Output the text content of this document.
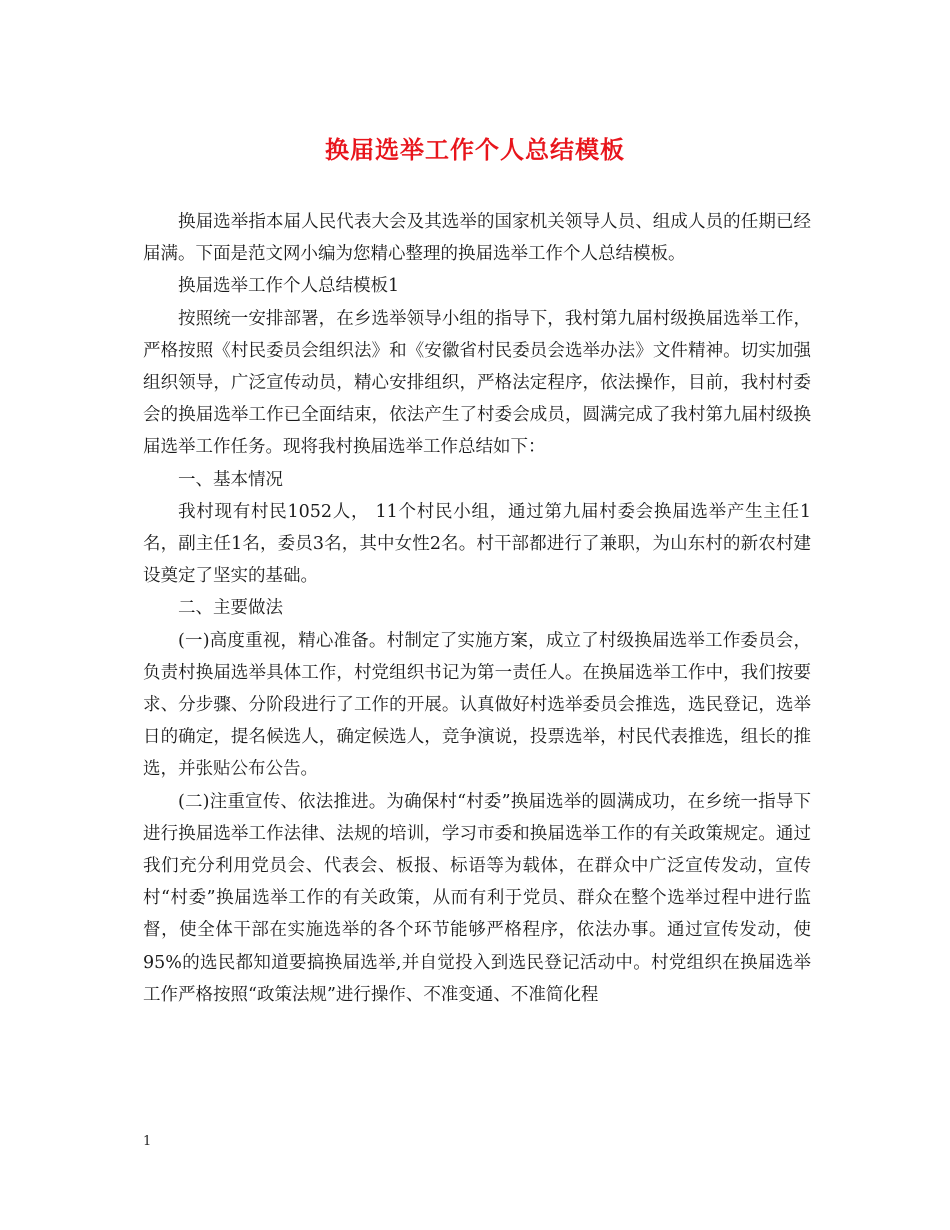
换届选举工作个人总结模板

换届选举指本届人民代表大会及其选举的国家机关领导人员、组成人员的任期已经届满。下面是范文网小编为您精心整理的换届选举工作个人总结模板。

换届选举工作个人总结模板1

按照统一安排部署，在乡选举领导小组的指导下，我村第九届村级换届选举工作，严格按照《村民委员会组织法》和《安徽省村民委员会选举办法》文件精神。切实加强组织领导，广泛宣传动员，精心安排组织，严格法定程序，依法操作，目前，我村村委会的换届选举工作已全面结束，依法产生了村委会成员，圆满完成了我村第九届村级换届选举工作任务。现将我村换届选举工作总结如下：

一、基本情况

我村现有村民1052人， 11个村民小组，通过第九届村委会换届选举产生主任1名，副主任1名，委员3名，其中女性2名。村干部都进行了兼职，为山东村的新农村建设奠定了坚实的基础。

二、主要做法

(一)高度重视，精心准备。村制定了实施方案，成立了村级换届选举工作委员会，负责村换届选举具体工作，村党组织书记为第一责任人。在换届选举工作中，我们按要求、分步骤、分阶段进行了工作的开展。认真做好村选举委员会推选，选民登记，选举日的确定，提名候选人，确定候选人，竞争演说，投票选举，村民代表推选，组长的推选，并张贴公布公告。

(二)注重宣传、依法推进。为确保村“村委”换届选举的圆满成功，在乡统一指导下进行换届选举工作法律、法规的培训，学习市委和换届选举工作的有关政策规定。通过我们充分利用党员会、代表会、板报、标语等为载体，在群众中广泛宣传发动，宣传村“村委”换届选举工作的有关政策，从而有利于党员、群众在整个选举过程中进行监督，使全体干部在实施选举的各个环节能够严格程序，依法办事。通过宣传发动，使95%的选民都知道要搞换届选举,并自觉投入到选民登记活动中。村党组织在换届选举工作严格按照“政策法规”进行操作、不准变通、不准简化程

1
